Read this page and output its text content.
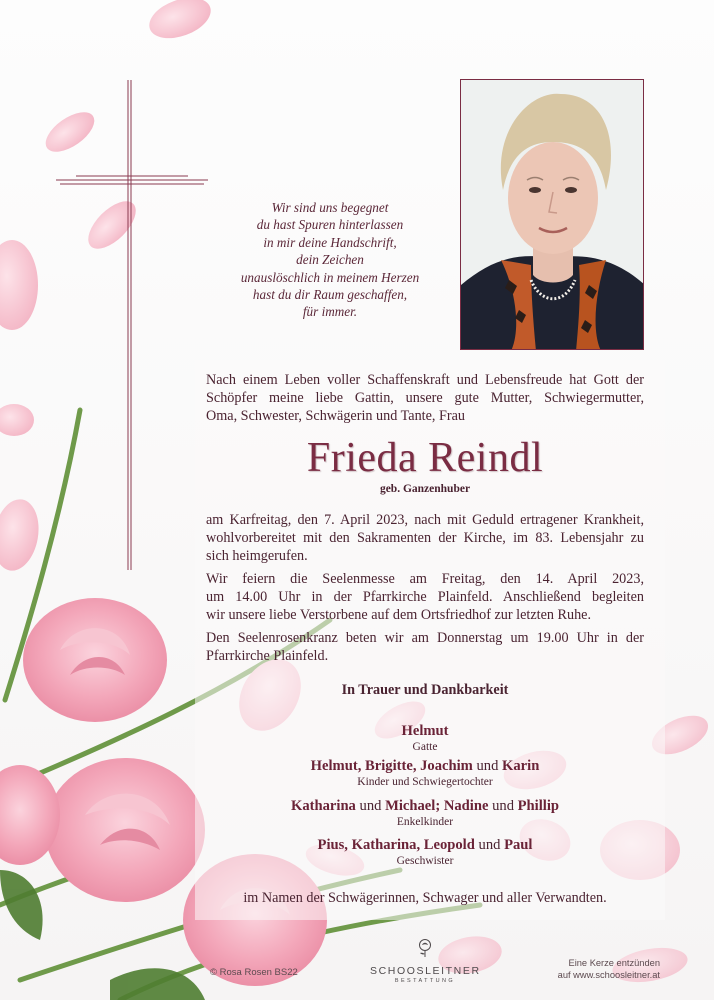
Wir sind uns begegnet
du hast Spuren hinterlassen
in mir deine Handschrift,
dein Zeichen
unauslöschlich in meinem Herzen
hast du dir Raum geschaffen,
für immer.
Nach einem Leben voller Schaffenskraft und Lebensfreude hat Gott der
Schöpfer meine liebe Gattin, unsere gute Mutter, Schwiegermutter,
Oma, Schwester, Schwägerin und Tante, Frau
Frieda Reindl
geb. Ganzenhuber
am Karfreitag, den 7. April 2023, nach mit Geduld ertragener Krankheit,
wohlvorbereitet mit den Sakramenten der Kirche, im 83. Lebensjahr zu
sich heimgerufen.
Wir feiern die Seelenmesse am Freitag, den 14. April 2023,
um 14.00 Uhr in der Pfarrkirche Plainfeld. Anschließend begleiten
wir unsere liebe Verstorbene auf dem Ortsfriedhof zur letzten Ruhe.
Den Seelenrosenkranz beten wir am Donnerstag um 19.00 Uhr in der
Pfarrkirche Plainfeld.
In Trauer und Dankbarkeit
Helmut
Gatte
Helmut, Brigitte, Joachim und Karin
Kinder und Schwiegertochter
Katharina und Michael; Nadine und Phillip
Enkelkinder
Pius, Katharina, Leopold und Paul
Geschwister
im Namen der Schwägerinnen, Schwager und aller Verwandten.
© Rosa Rosen BS22	SCHOOSLEITNER
BESTATTUNG
Eine Kerze entzünden
auf www.schoosleitner.at
